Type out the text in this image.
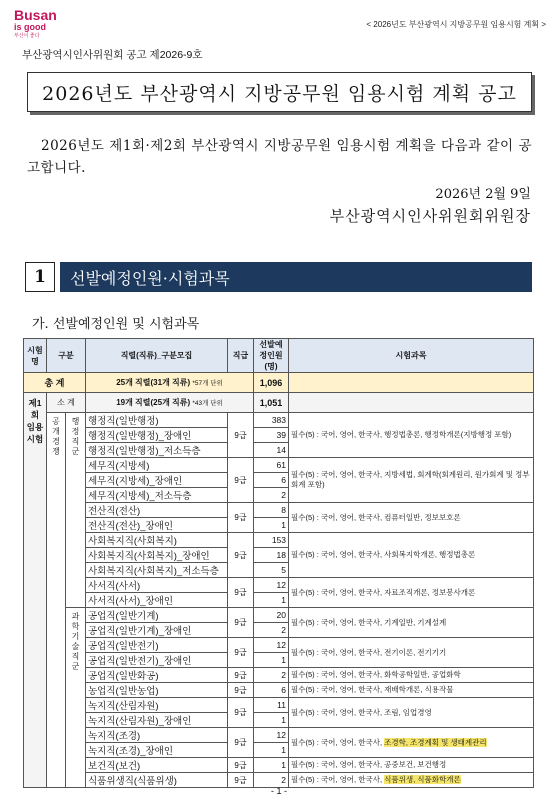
Busan
is good
부산이 좋다
< 2026년도 부산광역시 지방공무원 임용시험 계획 >
부산광역시인사위원회 공고 제2026-9호
2026년도 부산광역시 지방공무원 임용시험 계획 공고
2026년도 제1회·제2회 부산광역시 지방공무원 임용시험 계획을 다음과 같이 공고합니다.
2026년 2월 9일
부산광역시인사위원회위원장
1	선발예정인원·시험과목
가. 선발예정인원 및 시험과목
시험명	구분		직렬(직류)_구분모집	직급	선발예정인원 (명)	시험과목
총 계			25개 직렬(31개 직류) *57개 단위		1,096	
제1회 임용 시험	소 계		19개 직렬(25개 직류) *43개 단위		1,051	
	공개 경쟁	행정 직군	행정직(일반행정)	9급	383	필수(5) : 국어, 영어, 한국사, 행정법총론, 행정학개론(지방행정 포함)
			행정직(일반행정)_장애인		39	
			행정직(일반행정)_저소득층		14	
			세무직(지방세)	9급	61	필수(5) : 국어, 영어, 한국사, 지방세법, 회계학(회계원리, 원가회계 및 정부회계 포함)
			세무직(지방세)_장애인		6	
			세무직(지방세)_저소득층		2	
			전산직(전산)	9급	8	필수(5) : 국어, 영어, 한국사, 컴퓨터일반, 정보보호론
			전산직(전산)_장애인		1	
			사회복지직(사회복지)	9급	153	필수(5) : 국어, 영어, 한국사, 사회복지학개론, 행정법총론
			사회복지직(사회복지)_장애인		18	
			사회복지직(사회복지)_저소득층		5	
			사서직(사서)	9급	12	필수(5) : 국어, 영어, 한국사, 자료조직개론, 정보봉사개론
			사서직(사서)_장애인		1	
		과학 기술 직군	공업직(일반기계)	9급	20	필수(5) : 국어, 영어, 한국사, 기계일반, 기계설계
			공업직(일반기계)_장애인		2	
			공업직(일반전기)	9급	12	필수(5) : 국어, 영어, 한국사, 전기이론, 전기기기
			공업직(일반전기)_장애인		1	
			공업직(일반화공)	9급	2	필수(5) : 국어, 영어, 한국사, 화학공학일반, 공업화학
			농업직(일반농업)	9급	6	필수(5) : 국어, 영어, 한국사, 재배학개론, 식용작물
			녹지직(산림자원)	9급	11	필수(5) : 국어, 영어, 한국사, 조림, 임업경영
			녹지직(산림자원)_장애인		1	
			녹지직(조경)	9급	12	필수(5) : 국어, 영어, 한국사, 조경학, 조경계획 및 생태계관리
			녹지직(조경)_장애인		1	
			보건직(보건)	9급	1	필수(5) : 국어, 영어, 한국사, 공중보건, 보건행정
			식품위생직(식품위생)	9급	2	필수(5) : 국어, 영어, 한국사, 식품위생, 식품화학개론
- 1 -
